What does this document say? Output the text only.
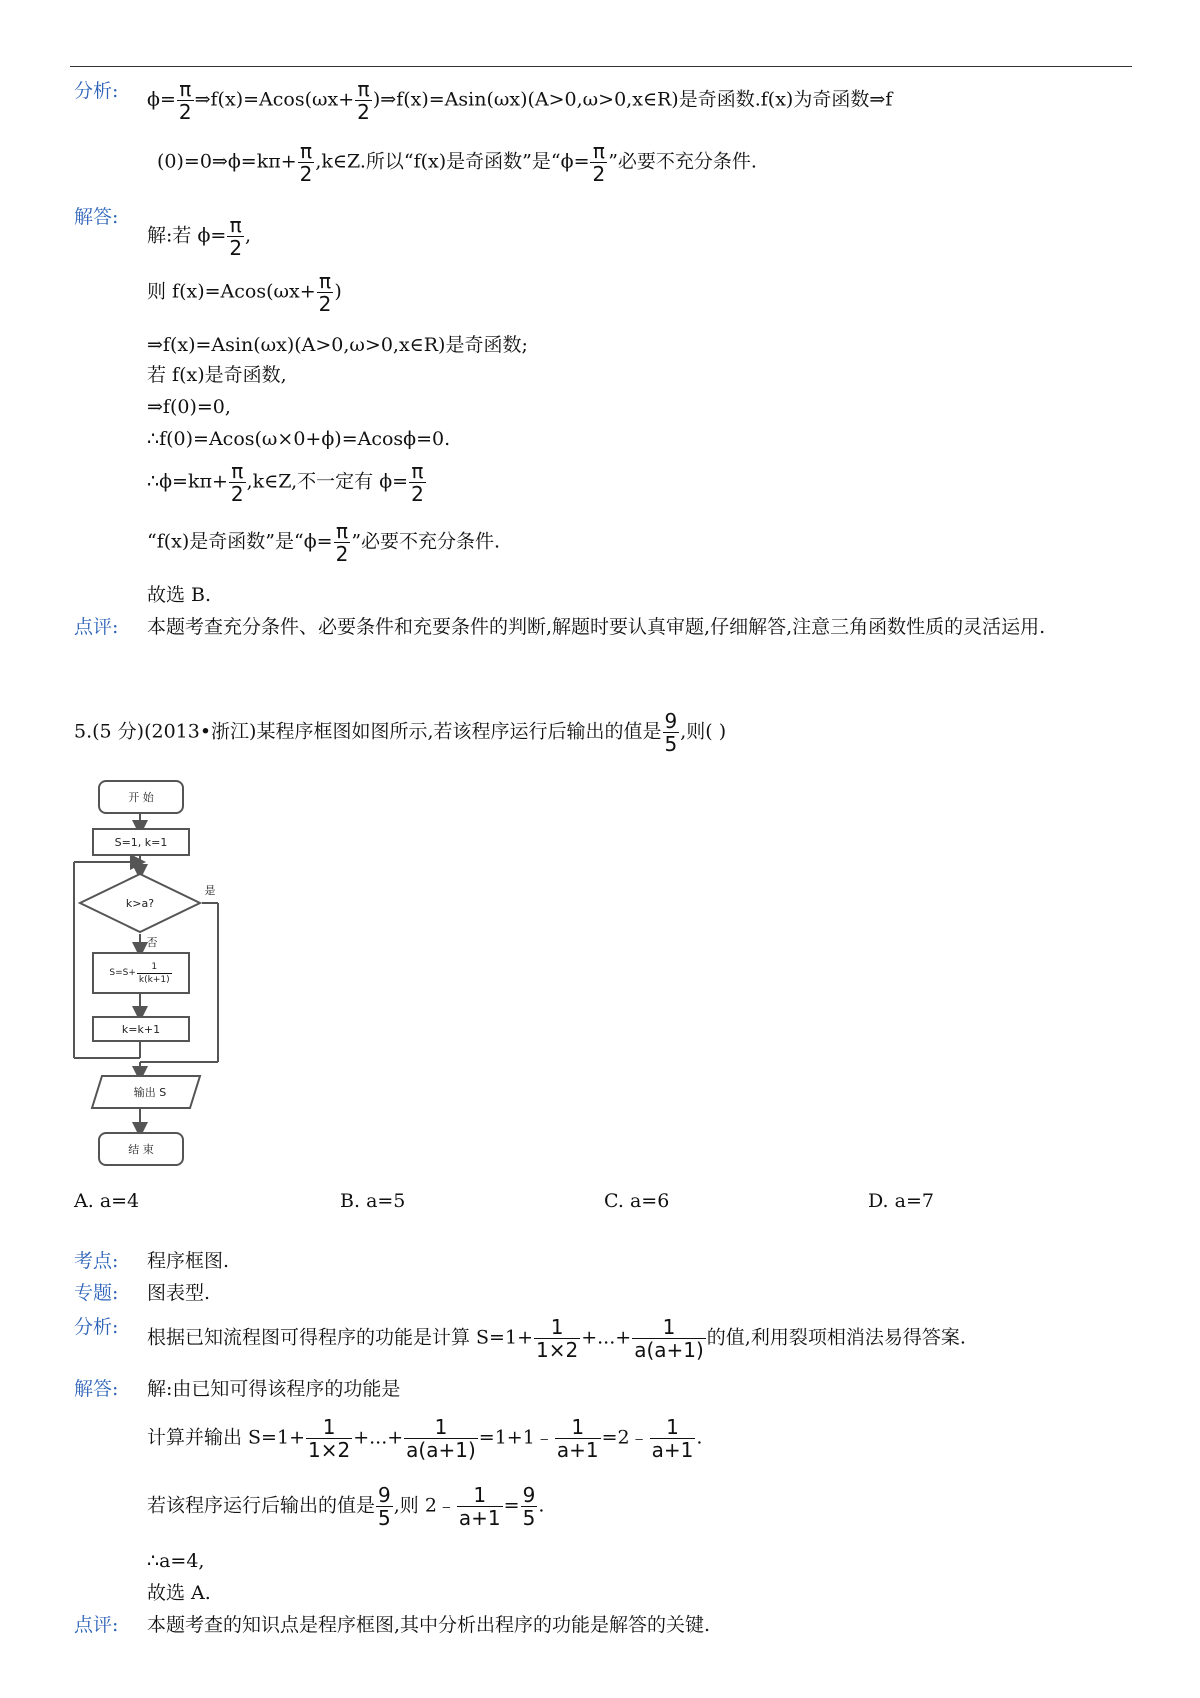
分析: $\phi= \frac{\pi}{2}$ ⇒f(x)=Acos(ωx+ $\frac{\pi}{2}$ )⇒f(x)=Asin(ωx)(A>0,ω>0,x∈R)是奇函数.f(x)为奇函数⇒f
(0)=0⇒ϕ=kπ+ $\frac{\pi}{2}$ ,k∈Z.所以“f(x)是奇函数”是“$\phi= \frac{\pi}{2}$ ”必要不充分条件.
解答:
解:若 $\phi= \frac{\pi}{2}$ ,
则 $f(x)=Acos(\omega x+ \frac{\pi}{2}$ )
⇒f(x)=Asin(ωx)(A>0,ω>0,x∈R)是奇函数;
若 f(x)是奇函数,
⇒f(0)=0,
∴f(0)=Acos(ω×0+ϕ)=Acosϕ=0.
∴ϕ=kπ+ $\frac{\pi}{2}$ ,k∈Z,不一定有 $\phi= \frac{\pi}{2}$
“f(x)是奇函数”是“$\phi= \frac{\pi}{2}$ ”必要不充分条件.
故选 B.
点评: 本题考查充分条件、必要条件和充要条件的判断,解题时要认真审题,仔细解答,注意三角函数性质的灵活运用.
5.(5 分)(2013•浙江)某程序框图如图所示,若该程序运行后输出的值是 $\frac{9}{5}$ ,则( )
开 始
S=1, k=1
k>a?
是
否
$S=S+ \frac{1}{k(k+1)}$
k=k+1
输出 S
结 束
A. a=4	B. a=5	C. a=6	D. a=7
考点: 程序框图.
专题: 图表型.
分析: 根据已知流程图可得程序的功能是计算 $S=1+ \frac{1}{1\times 2}$ +...+ $\frac{1}{a(a+1)}$ 的值,利用裂项相消法易得答案.
解答: 解:由已知可得该程序的功能是
计算并输出 $S=1+ \frac{1}{1\times 2}$ +...+ $\frac{1}{a(a+1)}$ =1+1﹣ $\frac{1}{a+1}$ =2﹣ $\frac{1}{a+1}$ .
若该程序运行后输出的值是 $\frac{9}{5}$ ,则 2﹣ $\frac{1}{a+1} = \frac{9}{5}$ .
∴a=4,
故选 A.
点评: 本题考查的知识点是程序框图,其中分析出程序的功能是解答的关键.
